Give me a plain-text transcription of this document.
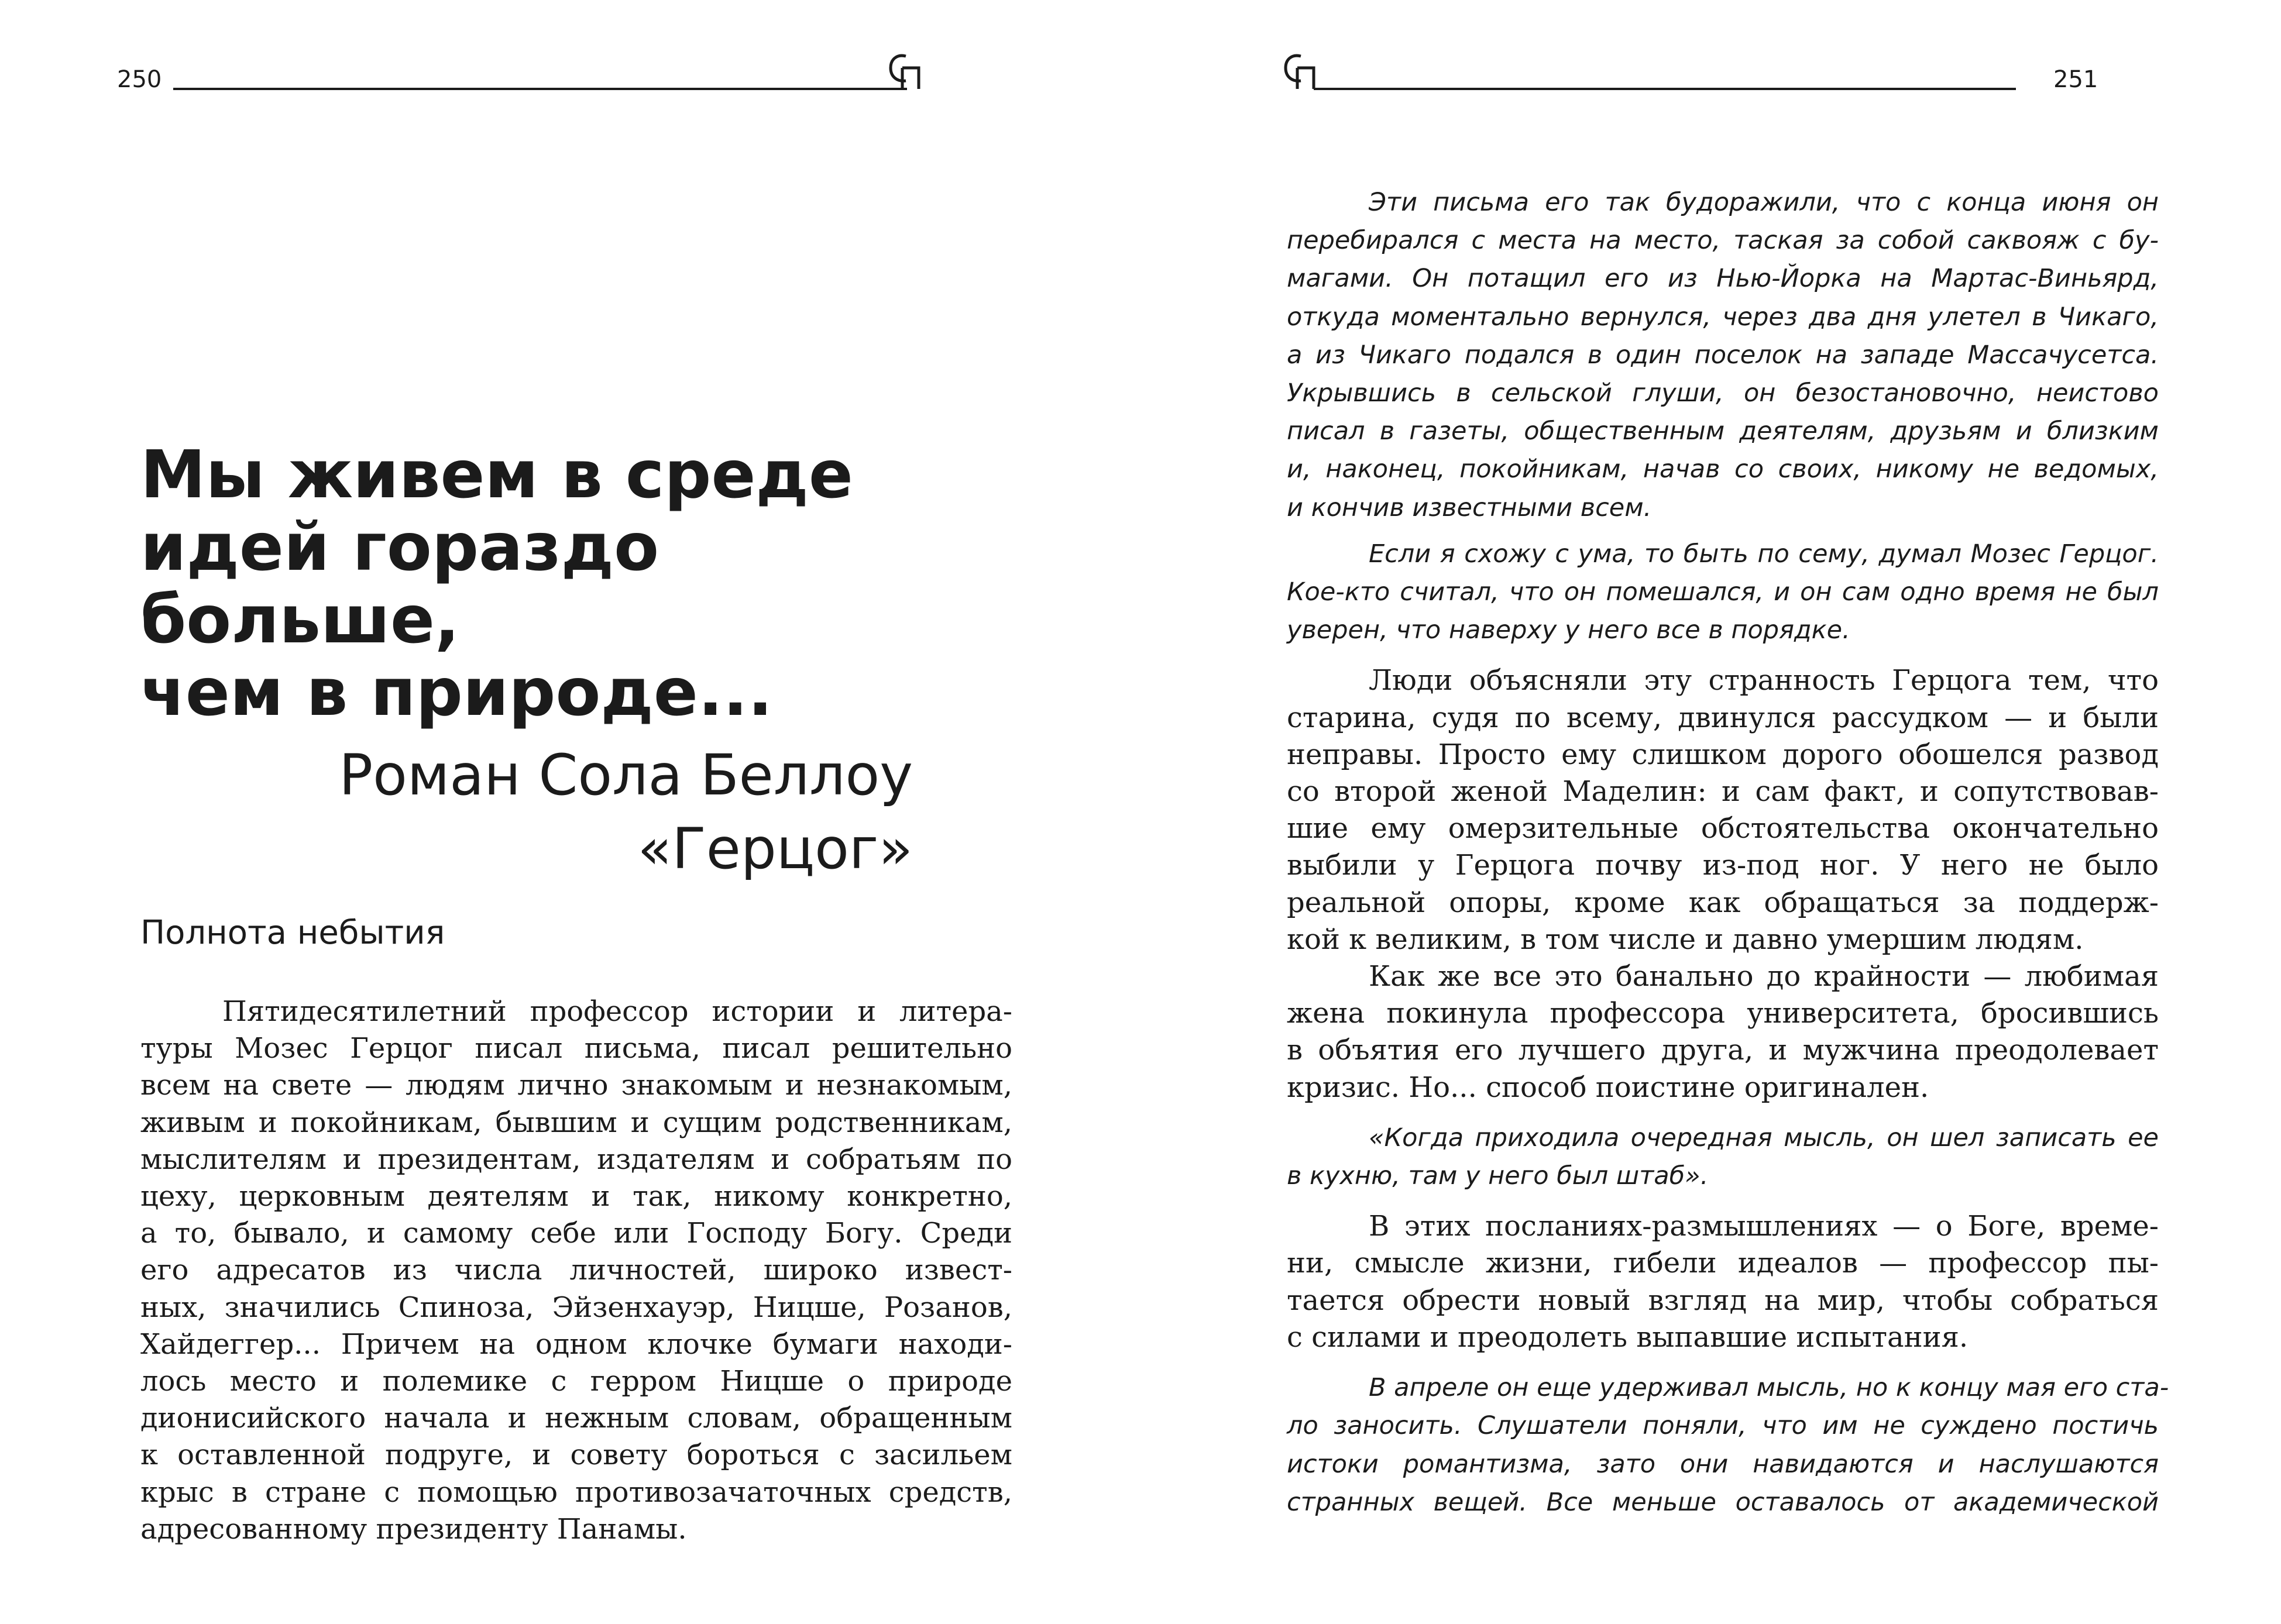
250
Мы живем в среде
идей гораздо
больше,
чем в природе...
Роман Сола Беллоу
«Герцог»
Полнота небытия
Пятидесятилетний профессор истории и литера-
туры Мозес Герцог писал письма, писал решительно
всем на свете — людям лично знакомым и незнакомым,
живым и покойникам, бывшим и сущим родственникам,
мыслителям и президентам, издателям и собратьям по
цеху, церковным деятелям и так, никому конкретно,
а то, бывало, и самому себе или Господу Богу. Среди
его адресатов из числа личностей, широко извест-
ных, значились Спиноза, Эйзенхауэр, Ницше, Розанов,
Хайдеггер... Причем на одном клочке бумаги находи-
лось место и полемике с герром Ницше о природе
дионисийского начала и нежным словам, обращенным
к оставленной подруге, и совету бороться с засильем
крыс в стране с помощью противозачаточных средств,
адресованному президенту Панамы.
251
Эти письма его так будоражили, что с конца июня он
перебирался с места на место, таская за собой саквояж с бу-
магами. Он потащил его из Нью-Йорка на Мартас-Виньярд,
откуда моментально вернулся, через два дня улетел в Чикаго,
а из Чикаго подался в один поселок на западе Массачусетса.
Укрывшись в сельской глуши, он безостановочно, неистово
писал в газеты, общественным деятелям, друзьям и близким
и, наконец, покойникам, начав со своих, никому не ведомых,
и кончив известными всем.
Если я схожу с ума, то быть по сему, думал Мозес Герцог.
Кое-кто считал, что он помешался, и он сам одно время не был
уверен, что наверху у него все в порядке.
Люди объясняли эту странность Герцога тем, что
старина, судя по всему, двинулся рассудком — и были
неправы. Просто ему слишком дорого обошелся развод
со второй женой Маделин: и сам факт, и сопутствовав-
шие ему омерзительные обстоятельства окончательно
выбили у Герцога почву из-под ног. У него не было
реальной опоры, кроме как обращаться за поддерж-
кой к великим, в том числе и давно умершим людям.
Как же все это банально до крайности — любимая
жена покинула профессора университета, бросившись
в объятия его лучшего друга, и мужчина преодолевает
кризис. Но... способ поистине оригинален.
«Когда приходила очередная мысль, он шел записать ее
в кухню, там у него был штаб».
В этих посланиях-размышлениях — о Боге, време-
ни, смысле жизни, гибели идеалов — профессор пы-
тается обрести новый взгляд на мир, чтобы собраться
с силами и преодолеть выпавшие испытания.
В апреле он еще удерживал мысль, но к концу мая его ста-
ло заносить. Слушатели поняли, что им не суждено постичь
истоки романтизма, зато они навидаются и наслушаются
странных вещей. Все меньше оставалось от академической
